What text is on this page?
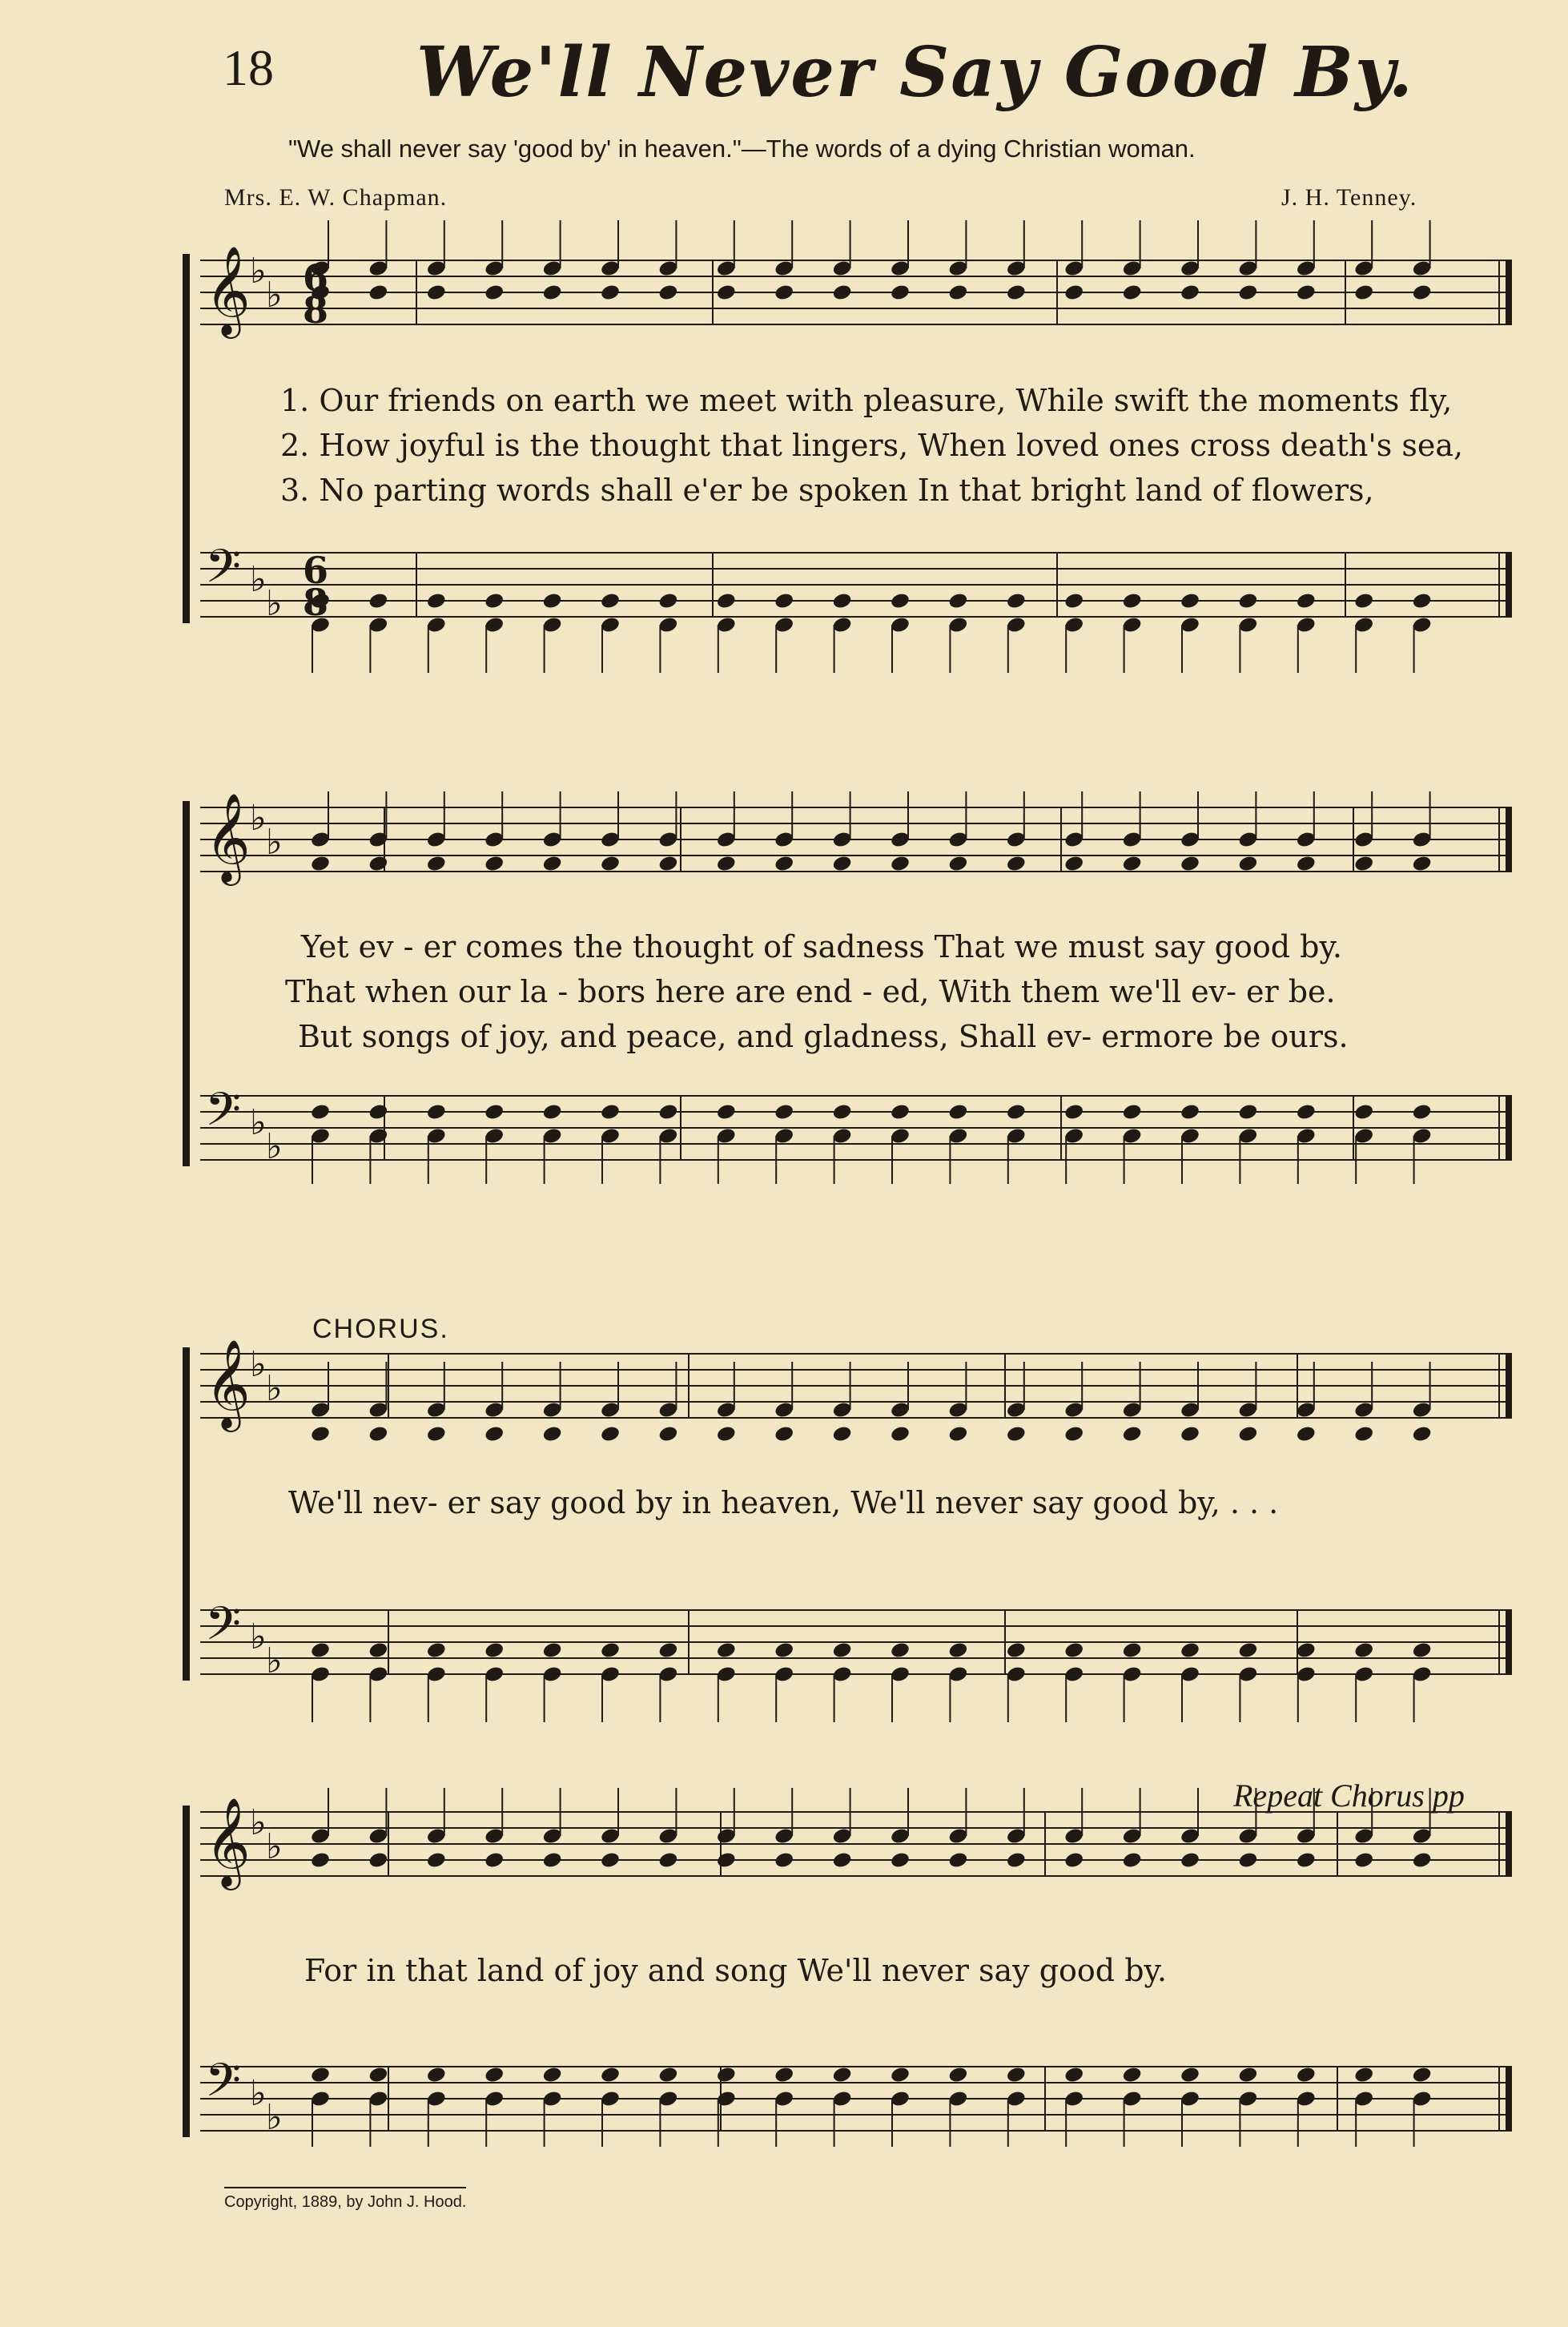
18 We'll Never Say Good By.
"We shall never say 'good by' in heaven."—The words of a dying Christian woman.
Mrs. E. W. Chapman.	J. H. Tenney.
𝄞 ♭
♭
𝄢 ♭
♭
6
8
6
8
𝄞 ♭
♭
𝄢 ♭
♭
𝄞 ♭
♭
𝄢 ♭
♭
𝄞 ♭
♭
𝄢 ♭
♭
1. Our friends on earth we meet with pleasure, While swift the moments fly,
2. How joyful is the thought that lingers, When loved ones cross death's sea,
3. No parting words shall e'er be spoken In that bright land of flowers,
Yet ev - er comes the thought of sadness That we must say good by.
That when our la - bors here are end - ed, With them we'll ev- er be.
But songs of joy, and peace, and gladness, Shall ev- ermore be ours.
CHORUS.
We'll nev- er say good by in heaven, We'll never say good by, . . .
Repeat Chorus pp
For in that land of joy and song We'll never say good by.
Copyright, 1889, by John J. Hood.
